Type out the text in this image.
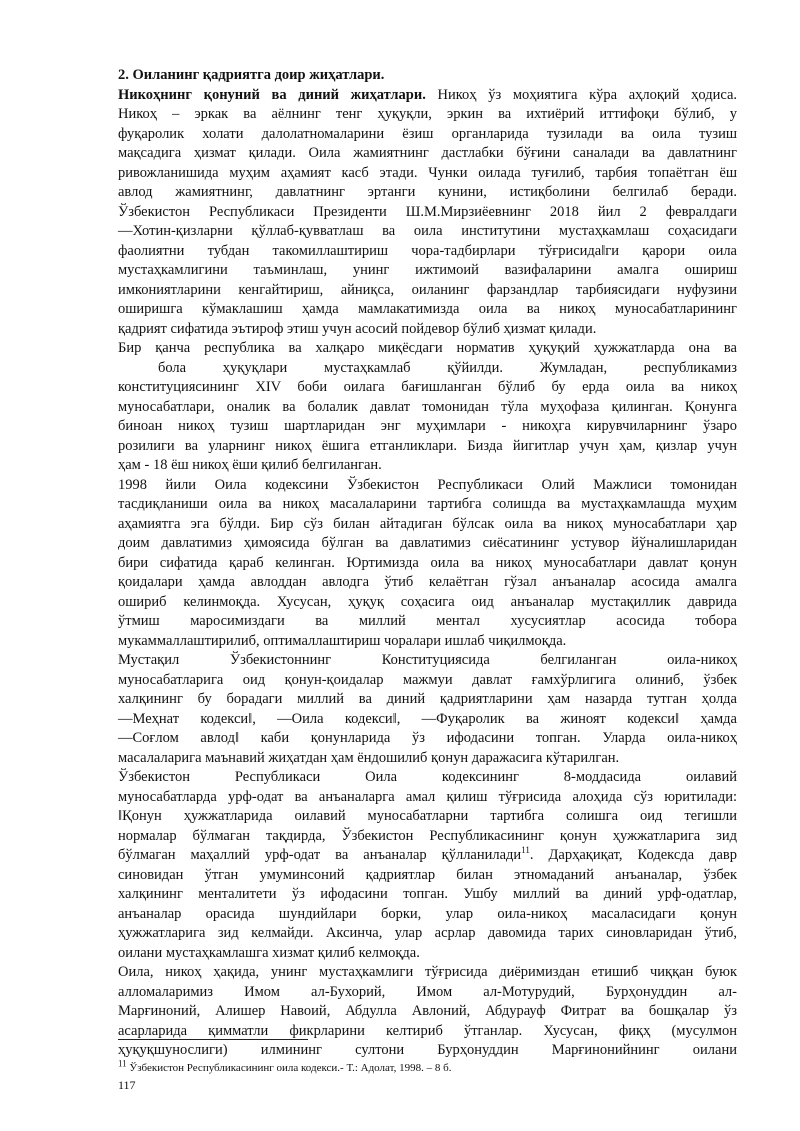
2. Оиланинг қадриятга доир жиҳатлари.
Никоҳнинг қонуний ва диний жиҳатлари. Никоҳ ўз моҳиятига кўра аҳлоқий ҳодиса.
Никоҳ – эркак ва аёлнинг тенг ҳуқуқли, эркин ва ихтиёрий иттифоқи бўлиб, у
фуқаролик холати далолатномаларини ёзиш органларида тузилади ва оила тузиш
мақсадига ҳизмат қилади. Оила жамиятнинг дастлабки бўғини саналади ва давлатнинг
ривожланишида муҳим аҳамият касб этади. Чунки оилада туғилиб, тарбия топаётган ёш
авлод жамиятнинг, давлатнинг эртанги кунини, истиқболини белгилаб беради.
Ўзбекистон Республикаси Президенти Ш.М.Мирзиёевнинг 2018 йил 2 февралдаги
―Хотин-қизларни қўллаб-қувватлаш ва оила институтини мустаҳкамлаш соҳасидаги
фаолиятни тубдан такомиллаштириш чора-тадбирлари тўғрисида‖ги қарори оила
мустаҳкамлигини таъминлаш, унинг ижтимоий вазифаларини амалга ошириш
имкониятларини кенгайтириш, айниқса, оиланинг фарзандлар тарбиясидаги нуфузини
оширишга кўмаклашиш ҳамда мамлакатимизда оила ва никоҳ муносабатларининг
қадрият сифатида эътироф этиш учун асосий пойдевор бўлиб ҳизмат қилади.
Бир қанча республика ва халқаро миқёсдаги норматив ҳуқуқий ҳужжатларда она ва
бола ҳуқуқлари мустаҳкамлаб қўйилди. Жумладан, республикамиз
конституциясининг XIV боби оилага бағишланган бўлиб бу ерда оила ва никоҳ
муносабатлари, оналик ва болалик давлат томонидан тўла муҳофаза қилинган. Қонунга
биноан никоҳ тузиш шартларидан энг муҳимлари - никоҳга кирувчиларнинг ўзаро
розилиги ва уларнинг никоҳ ёшига етганликлари. Бизда йигитлар учун ҳам, қизлар учун
ҳам - 18 ёш никоҳ ёши қилиб белгиланган.
1998 йили Оила кодексини Ўзбекистон Республикаси Олий Мажлиси томонидан
тасдиқланиши оила ва никоҳ масалаларини тартибга солишда ва мустаҳкамлашда муҳим
аҳамиятга эга бўлди. Бир сўз билан айтадиган бўлсак оила ва никоҳ муносабатлари ҳар
доим давлатимиз ҳимоясида бўлган ва давлатимиз сиёсатининг устувор йўналишларидан
бири сифатида қараб келинган. Юртимизда оила ва никоҳ муносабатлари давлат қонун
қоидалари ҳамда авлоддан авлодга ўтиб келаётган гўзал анъаналар асосида амалга
ошириб келинмоқда. Хусусан, ҳуқуқ соҳасига оид анъаналар мустақиллик даврида
ўтмиш маросимиздаги ва миллий ментал хусусиятлар асосида тобора
мукаммаллаштирилиб, оптималлаштириш чоралари ишлаб чиқилмоқда.
Мустақил Ўзбекистоннинг Конституциясида белгиланган оила-никоҳ
муносабатларига оид қонун-қоидалар мажмуи давлат ғамхўрлигига олиниб, ўзбек
халқининг бу борадаги миллий ва диний қадриятларини ҳам назарда тутган ҳолда
―Меҳнат кодекси‖, ―Оила кодекси‖, ―Фуқаролик ва жиноят кодекси‖ ҳамда
―Соғлом авлод‖ каби қонунларида ўз ифодасини топган. Уларда оила-никоҳ
масалаларига маънавий жиҳатдан ҳам ёндошилиб қонун даражасига кўтарилган.
Ўзбекистон Республикаси Оила кодексининг 8-моддасида оилавий
муносабатларда урф-одат ва анъаналарга амал қилиш тўғрисида алоҳида сўз юритилади:
‖Қонун ҳужжатларида оилавий муносабатларни тартибга солишга оид тегишли
нормалар бўлмаган тақдирда, Ўзбекистон Республикасининг қонун ҳужжатларига зид
бўлмаган маҳаллий урф-одат ва анъаналар қўлланилади$^{11}$. Дарҳақиқат, Кодексда давр
синовидан ўтган умуминсоний қадриятлар билан этномаданий анъаналар, ўзбек
халқининг менталитети ўз ифодасини топган. Ушбу миллий ва диний урф-одатлар,
анъаналар орасида шундийлари борки, улар оила-никоҳ масаласидаги қонун
ҳужжатларига зид келмайди. Аксинча, улар асрлар давомида тарих синовларидан ўтиб,
оилани мустаҳкамлашга хизмат қилиб келмоқда.
Оила, никоҳ ҳақида, унинг мустаҳкамлиги тўғрисида диёримиздан етишиб чиққан буюк
алломаларимиз Имом ал-Бухорий, Имом ал-Мотурудий, Бурҳонуддин ал-
Марғиноний, Алишер Навоий, Абдулла Авлоний, Абдурауф Фитрат ва бошқалар ўз
асарларида қимматли фикрларини келтириб ўтганлар. Хусусан, фиқҳ (мусулмон
ҳуқуқшунослиги) илмининг султони Бурҳонуддин Марғинонийнинг оилани
$^{11}$ Ўзбекистон Республикасининг оила кодекси.- Т.: Адолат, 1998. – 8 б.
117
